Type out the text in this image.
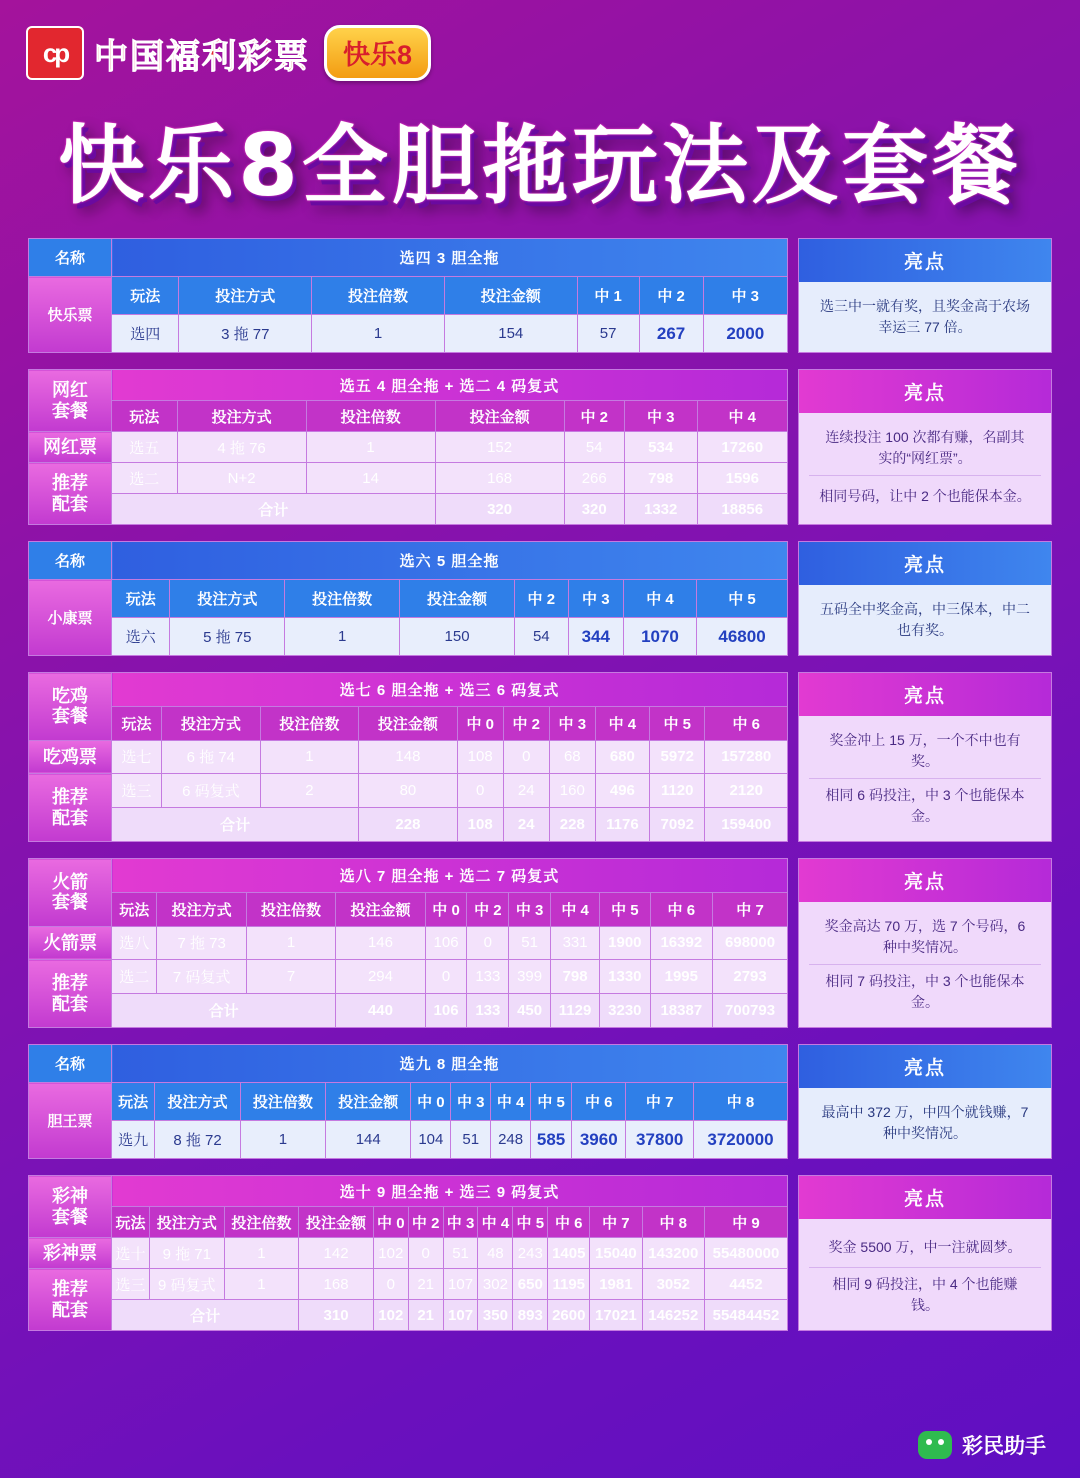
cp 中国福利彩票	快乐8
快乐8全胆拖玩法及套餐
名称	选四 3 胆全拖						
快乐票	玩法	投注方式	投注倍数	投注金额	中 1	中 2	中 3
	选四	3 拖 77	1	154	57	267	2000
亮点
选三中一就有奖，且奖金高于农场幸运三 77 倍。
网红
套餐	选五 4 胆全拖 + 选二 4 码复式						
	玩法	投注方式	投注倍数	投注金额	中 2	中 3	中 4
网红票	选五	4 拖 76	1	152	54	534	17260
推荐
配套	选二	N+2	14	168	266	798	1596
	合计			320	320	1332	18856
亮点
连续投注 100 次都有赚，名副其实的“网红票”。
相同号码，让中 2 个也能保本金。
名称	选六 5 胆全拖							
小康票	玩法	投注方式	投注倍数	投注金额	中 2	中 3	中 4	中 5
	选六	5 拖 75	1	150	54	344	1070	46800
亮点
五码全中奖金高，中三保本，中二也有奖。
吃鸡
套餐	选七 6 胆全拖 + 选三 6 码复式									
	玩法	投注方式	投注倍数	投注金额	中 0	中 2	中 3	中 4	中 5	中 6
吃鸡票	选七	6 拖 74	1	148	108	0	68	680	5972	157280
推荐
配套	选三	6 码复式	2	80	0	24	160	496	1120	2120
	合计			228	108	24	228	1176	7092	159400
亮点
奖金冲上 15 万，一个不中也有奖。
相同 6 码投注，中 3 个也能保本金。
火箭
套餐	选八 7 胆全拖 + 选二 7 码复式										
	玩法	投注方式	投注倍数	投注金额	中 0	中 2	中 3	中 4	中 5	中 6	中 7
火箭票	选八	7 拖 73	1	146	106	0	51	331	1900	16392	698000
推荐
配套	选二	7 码复式	7	294	0	133	399	798	1330	1995	2793
	合计			440	106	133	450	1129	3230	18387	700793
亮点
奖金高达 70 万，选 7 个号码，6 种中奖情况。
相同 7 码投注，中 3 个也能保本金。
名称	选九 8 胆全拖										
胆王票	玩法	投注方式	投注倍数	投注金额	中 0	中 3	中 4	中 5	中 6	中 7	中 8
	选九	8 拖 72	1	144	104	51	248	585	3960	37800	3720000
亮点
最高中 372 万，中四个就钱赚，7 种中奖情况。
彩神
套餐	选十 9 胆全拖 + 选三 9 码复式												
	玩法	投注方式	投注倍数	投注金额	中 0	中 2	中 3	中 4	中 5	中 6	中 7	中 8	中 9
彩神票	选十	9 拖 71	1	142	102	0	51	48	243	1405	15040	143200	55480000
推荐
配套	选三	9 码复式	1	168	0	21	107	302	650	1195	1981	3052	4452
	合计			310	102	21	107	350	893	2600	17021	146252	55484452
亮点
奖金 5500 万，中一注就圆梦。
相同 9 码投注，中 4 个也能赚钱。
彩民助手
